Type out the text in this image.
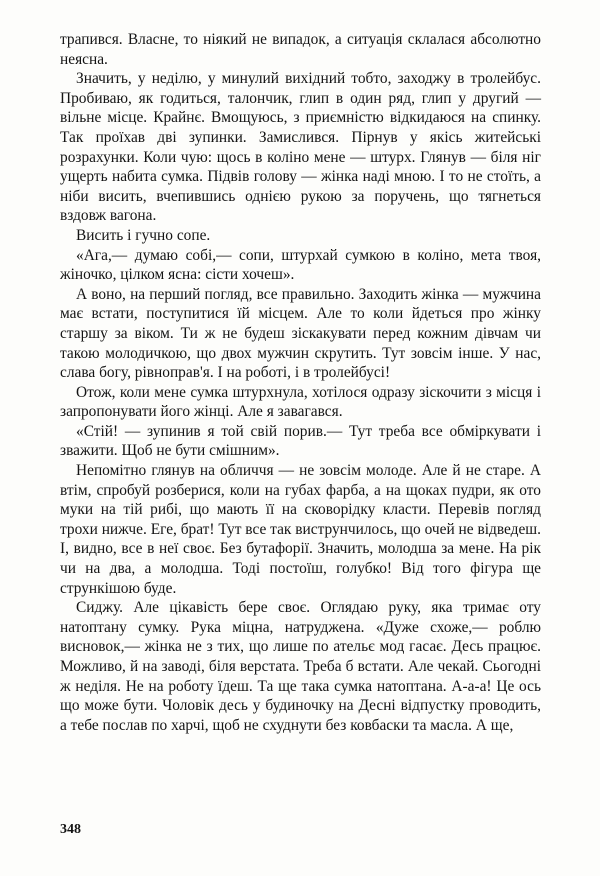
трапився. Власне, то ніякий не випадок, а ситуація склалася абсолютно неясна.

Значить, у неділю, у минулий вихідний тобто, заходжу в тролейбус. Пробиваю, як годиться, талончик, глип в один ряд, глип у другий — вільне місце. Крайнє. Вмощуюсь, з приємністю відкидаюся на спинку. Так проїхав дві зупинки. Замислився. Пірнув у якісь житейські розрахунки. Коли чую: щось в коліно мене — штурх. Глянув — біля ніг ущерть набита сумка. Підвів голову — жінка наді мною. І то не стоїть, а ніби висить, вчепившись однією рукою за поручень, що тягнеться вздовж вагона.

Висить і гучно сопе.

«Ага,— думаю собі,— сопи, штурхай сумкою в коліно, мета твоя, жіночко, цілком ясна: сісти хочеш».

А воно, на перший погляд, все правильно. Заходить жінка — мужчина має встати, поступитися їй місцем. Але то коли йдеться про жінку старшу за віком. Ти ж не будеш зіскакувати перед кожним дівчам чи такою молодичкою, що двох мужчин скрутить. Тут зовсім інше. У нас, слава богу, рівноправ'я. І на роботі, і в тролейбусі!

Отож, коли мене сумка штурхнула, хотілося одразу зіскочити з місця і запропонувати його жінці. Але я завагався.

«Стій! — зупинив я той свій порив.— Тут треба все обміркувати і зважити. Щоб не бути смішним».

Непомітно глянув на обличчя — не зовсім молоде. Але й не старе. А втім, спробуй розберися, коли на губах фарба, а на щоках пудри, як ото муки на тій рибі, що мають її на сковорідку класти. Перевів погляд трохи нижче. Еге, брат! Тут все так виструнчилось, що очей не відведеш. І, видно, все в неї своє. Без бутафорії. Значить, молодша за мене. На рік чи на два, а молодша. Тоді постоїш, голубко! Від того фігура ще стрункішою буде.

Сиджу. Але цікавість бере своє. Оглядаю руку, яка тримає оту натоптану сумку. Рука міцна, натруджена. «Дуже схоже,— роблю висновок,— жінка не з тих, що лише по ательє мод гасає. Десь працює. Можливо, й на заводі, біля верстата. Треба б встати. Але чекай. Сьогодні ж неділя. Не на роботу їдеш. Та ще така сумка натоптана. А-а-а! Це ось що може бути. Чоловік десь у будиночку на Десні відпустку проводить, а тебе послав по харчі, щоб не схуднути без ковбаски та масла. А ще,

348
